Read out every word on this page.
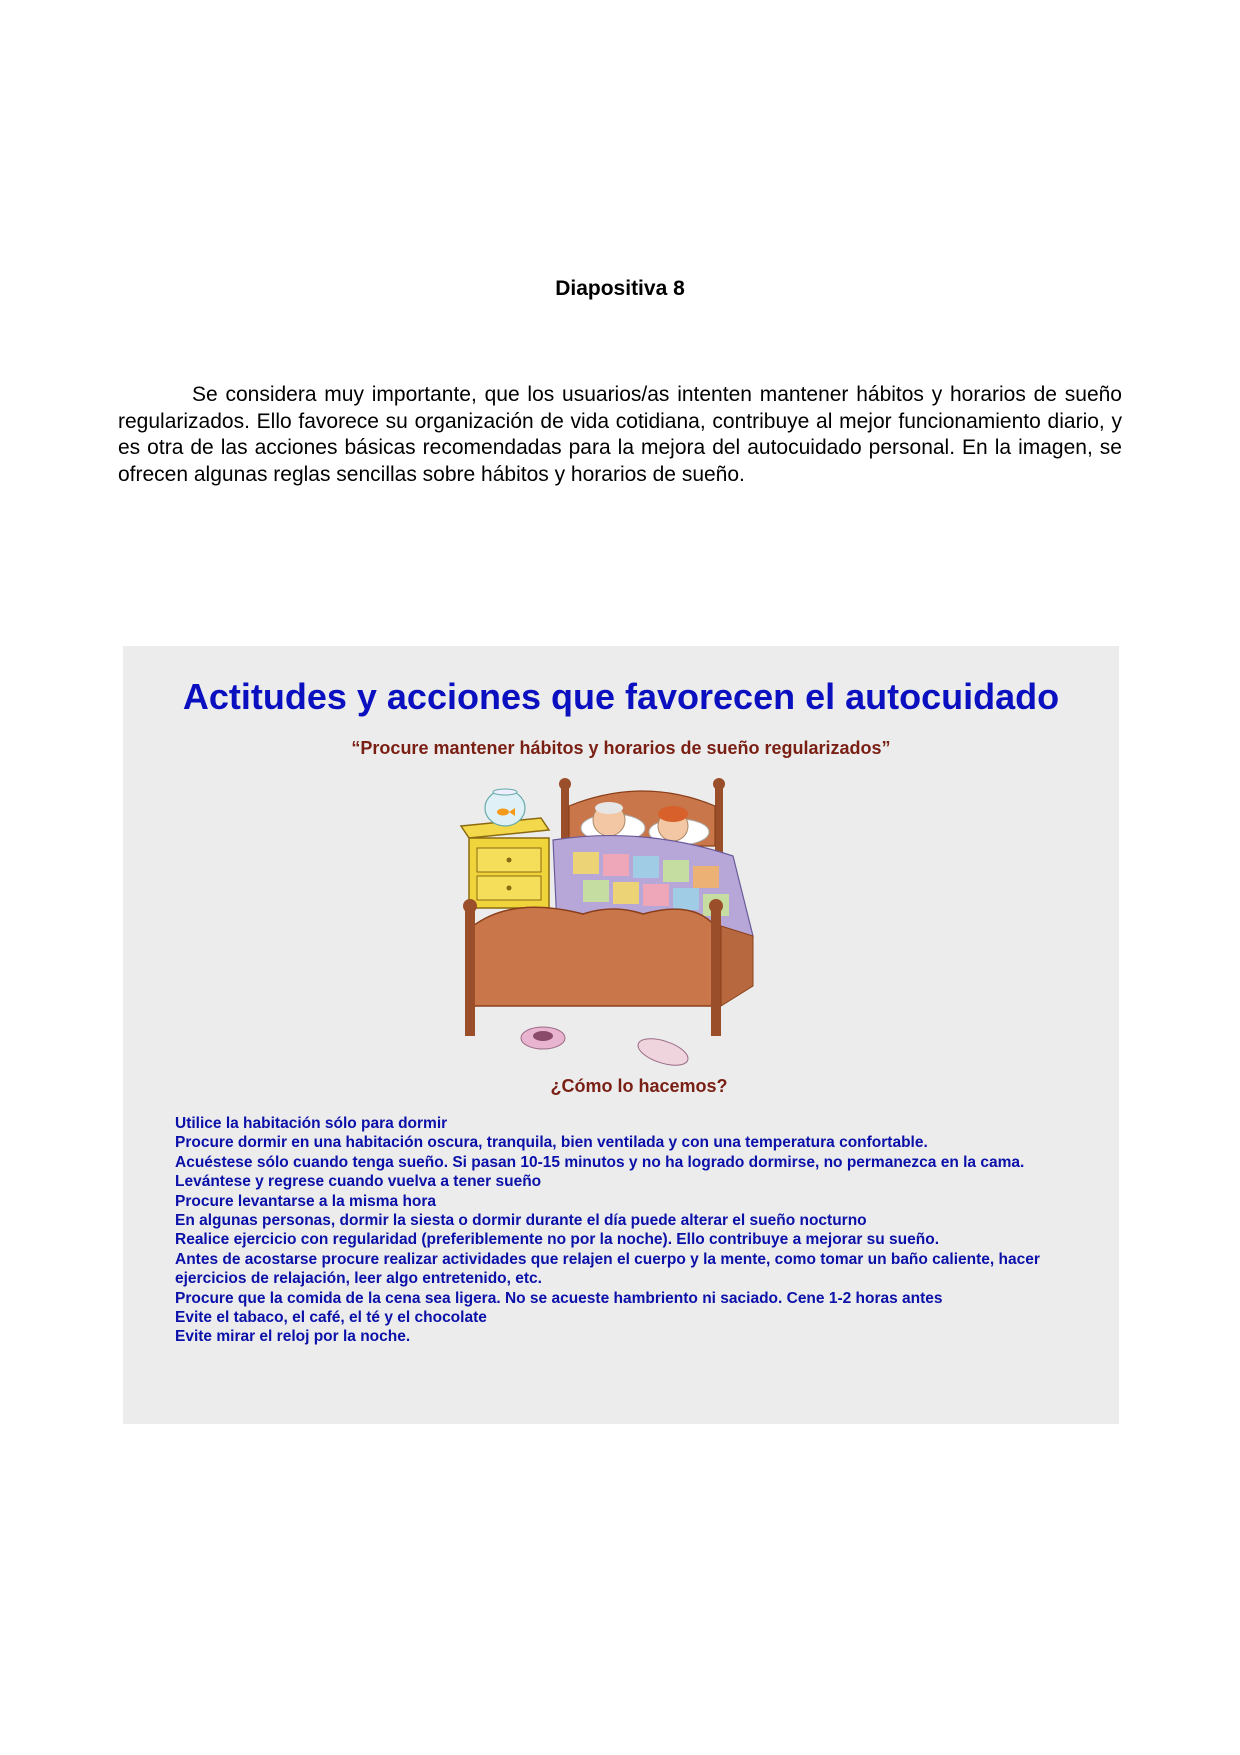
Diapositiva 8

Se considera muy importante, que los usuarios/as intenten mantener hábitos y horarios de sueño regularizados. Ello favorece su organización de vida cotidiana, contribuye al mejor funcionamiento diario, y es otra de las acciones básicas recomendadas para la mejora del autocuidado personal. En la imagen, se ofrecen algunas reglas sencillas sobre hábitos y horarios de sueño.

Actitudes y acciones que favorecen el autocuidado
“Procure mantener hábitos y horarios de sueño regularizados”
¿Cómo lo hacemos?
Utilice la habitación sólo para dormir
Procure dormir en una habitación oscura, tranquila, bien ventilada y con una temperatura confortable.
Acuéstese sólo cuando tenga sueño. Si pasan 10-15 minutos y no ha logrado dormirse, no permanezca en la cama.
Levántese y regrese cuando vuelva a tener sueño
Procure levantarse a la misma hora
En algunas personas, dormir la siesta o dormir durante el día puede alterar el sueño nocturno
Realice ejercicio con regularidad (preferiblemente no por la noche). Ello contribuye a mejorar su sueño.
Antes de acostarse procure realizar actividades que relajen el cuerpo y la mente, como tomar un baño caliente, hacer ejercicios de relajación, leer algo entretenido, etc.
Procure que la comida de la cena sea ligera. No se acueste hambriento ni saciado. Cene 1-2 horas antes
Evite el tabaco, el café, el té y el chocolate
Evite mirar el reloj por la noche.
